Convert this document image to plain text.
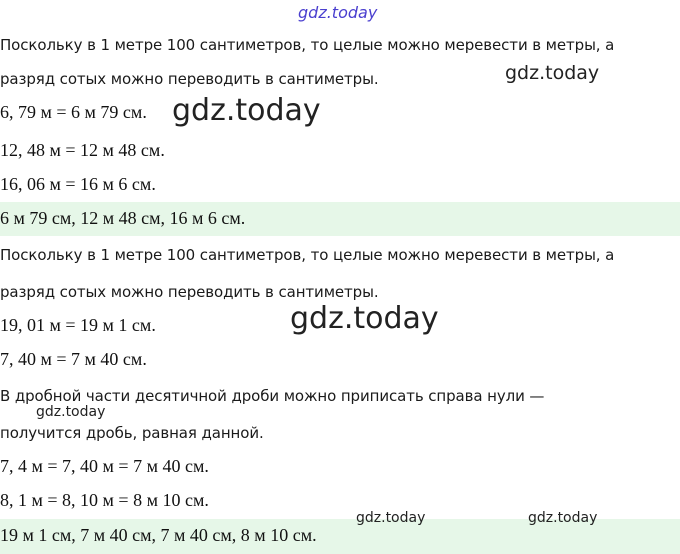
6 м 79 см, 12 м 48 см, 16 м 6 см.
19 м 1 см, 7 м 40 см, 7 м 40 см, 8 м 10 см.
Поскольку в 1 метре 100 сантиметров, то целые можно меревести в метры, а
разряд сотых можно переводить в сантиметры.
6, 79 м = 6 м 79 см.
12, 48 м = 12 м 48 см.
16, 06 м = 16 м 6 см.
Поскольку в 1 метре 100 сантиметров, то целые можно меревести в метры, а
разряд сотых можно переводить в сантиметры.
19, 01 м = 19 м 1 см.
7, 40 м = 7 м 40 см.
В дробной части десятичной дроби можно приписать справа нули —
получится дробь, равная данной.
7, 4 м = 7, 40 м = 7 м 40 см.
8, 1 м = 8, 10 м = 8 м 10 см.
gdz.today
gdz.today
gdz.today
gdz.today
gdz.today
gdz.today	gdz.today
